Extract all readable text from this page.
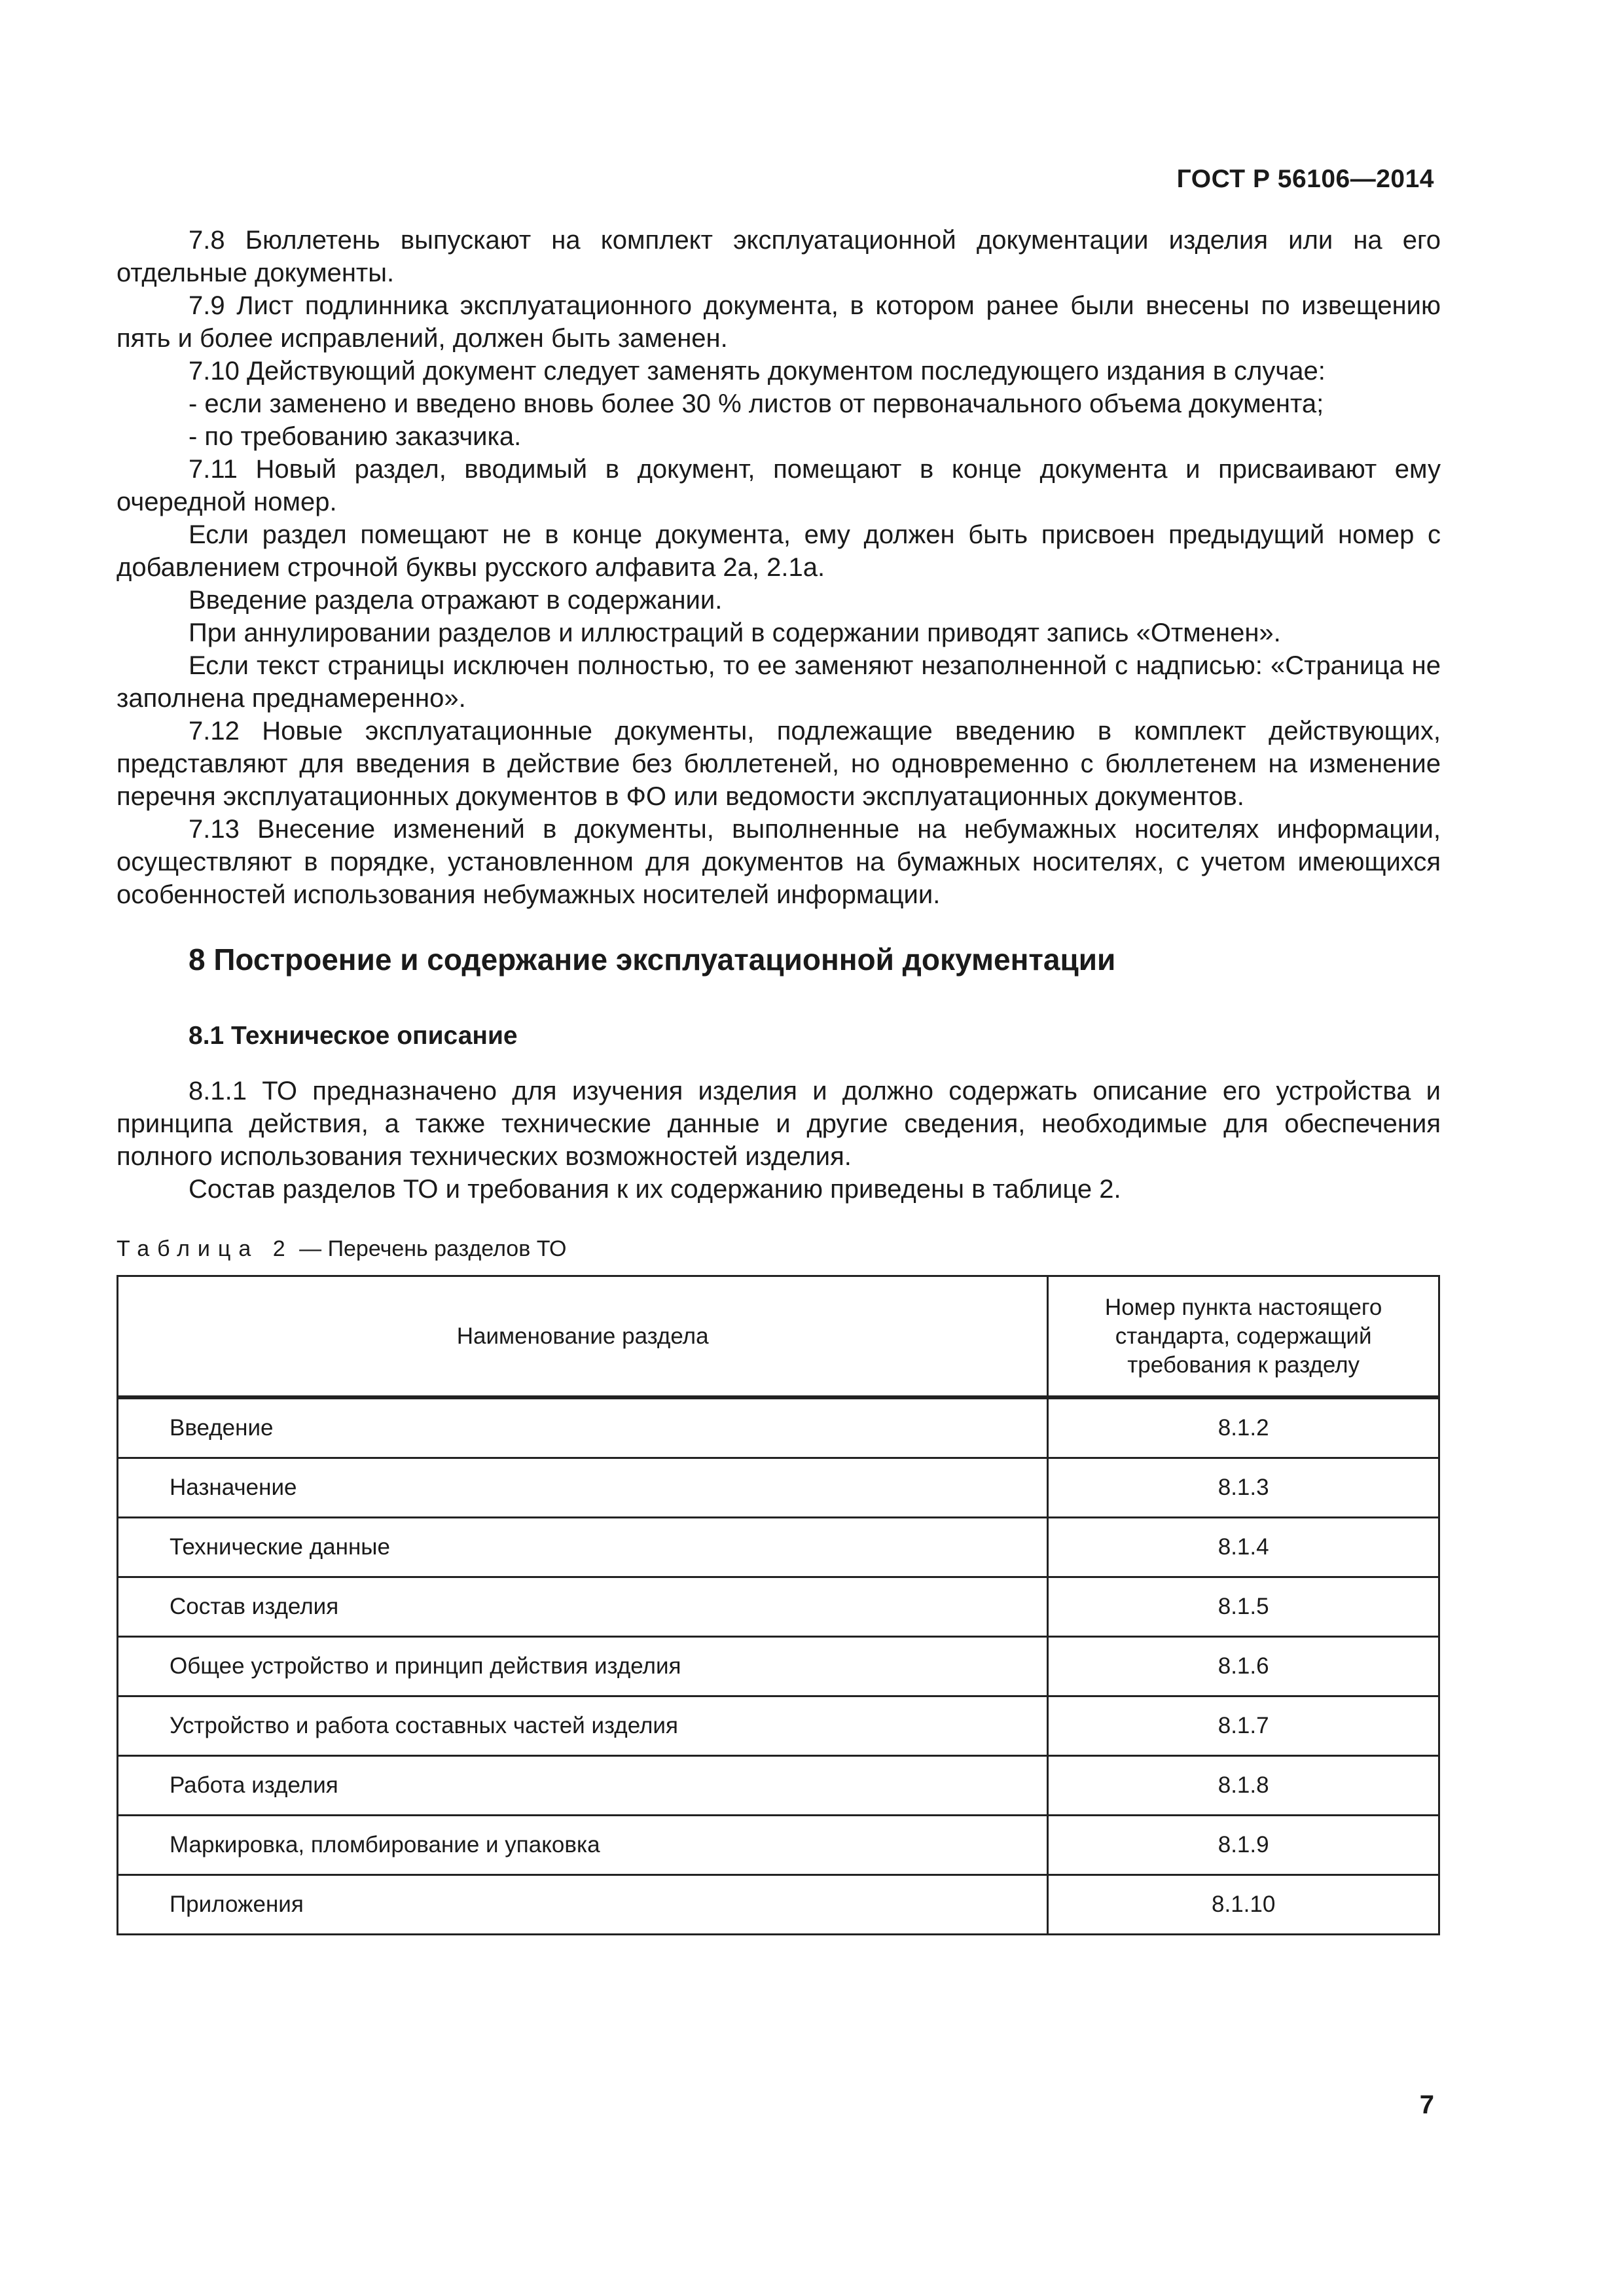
ГОСТ Р 56106—2014

7.8 Бюллетень выпускают на комплект эксплуатационной документации изделия или на его отдельные документы.

7.9 Лист подлинника эксплуатационного документа, в котором ранее были внесены по извещению пять и более исправлений, должен быть заменен.

7.10 Действующий документ следует заменять документом последующего издания в случае:

- если заменено и введено вновь более 30 % листов от первоначального объема документа;

- по требованию заказчика.

7.11 Новый раздел, вводимый в документ, помещают в конце документа и присваивают ему очередной номер.

Если раздел помещают не в конце документа, ему должен быть присвоен предыдущий номер с добавлением строчной буквы русского алфавита 2а, 2.1а.

Введение раздела отражают в содержании.

При аннулировании разделов и иллюстраций в содержании приводят запись «Отменен».

Если текст страницы исключен полностью, то ее заменяют незаполненной с надписью: «Страница не заполнена преднамеренно».

7.12 Новые эксплуатационные документы, подлежащие введению в комплект действующих, представляют для введения в действие без бюллетеней, но одновременно с бюллетенем на изменение перечня эксплуатационных документов в ФО или ведомости эксплуатационных документов.

7.13 Внесение изменений в документы, выполненные на небумажных носителях информации, осуществляют в порядке, установленном для документов на бумажных носителях, с учетом имеющихся особенностей использования небумажных носителей информации.

8 Построение и содержание эксплуатационной документации
8.1 Техническое описание

8.1.1 ТО предназначено для изучения изделия и должно содержать описание его устройства и принципа действия, а также технические данные и другие сведения, необходимые для обеспечения полного использования технических возможностей изделия.

Состав разделов ТО и требования к их содержанию приведены в таблице 2.

Таблица 2 — Перечень разделов ТО
Наименование раздела	Номер пункта настоящего стандарта, содержащий требования к разделу
Введение	8.1.2
Назначение	8.1.3
Технические данные	8.1.4
Состав изделия	8.1.5
Общее устройство и принцип действия изделия	8.1.6
Устройство и работа составных частей изделия	8.1.7
Работа изделия	8.1.8
Маркировка, пломбирование и упаковка	8.1.9
Приложения	8.1.10
7
